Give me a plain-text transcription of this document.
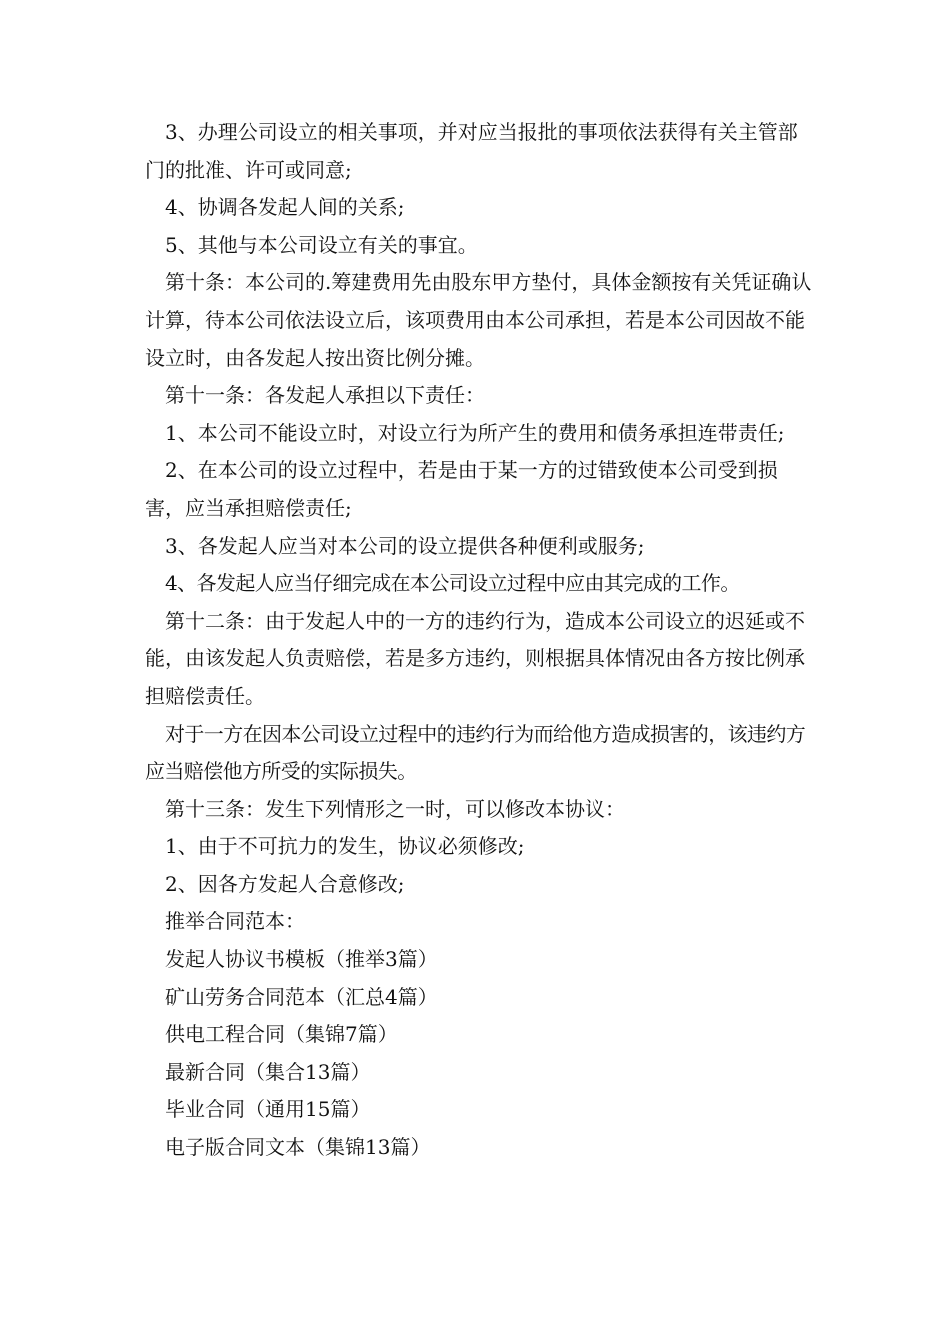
3、办理公司设立的相关事项，并对应当报批的事项依法获得有关主管部门的批准、许可或同意;

4、协调各发起人间的关系;

5、其他与本公司设立有关的事宜。

第十条：本公司的.筹建费用先由股东甲方垫付，具体金额按有关凭证确认计算，待本公司依法设立后，该项费用由本公司承担，若是本公司因故不能设立时，由各发起人按出资比例分摊。

第十一条：各发起人承担以下责任：

1、本公司不能设立时，对设立行为所产生的费用和债务承担连带责任;

2、在本公司的设立过程中，若是由于某一方的过错致使本公司受到损害，应当承担赔偿责任;

3、各发起人应当对本公司的设立提供各种便利或服务;

4、各发起人应当仔细完成在本公司设立过程中应由其完成的工作。

第十二条：由于发起人中的一方的违约行为，造成本公司设立的迟延或不能，由该发起人负责赔偿，若是多方违约，则根据具体情况由各方按比例承担赔偿责任。

对于一方在因本公司设立过程中的违约行为而给他方造成损害的，该违约方应当赔偿他方所受的实际损失。

第十三条：发生下列情形之一时，可以修改本协议：

1、由于不可抗力的发生，协议必须修改;

2、因各方发起人合意修改;

推举合同范本：

发起人协议书模板（推举3篇）

矿山劳务合同范本（汇总4篇）

供电工程合同（集锦7篇）

最新合同（集合13篇）

毕业合同（通用15篇）

电子版合同文本（集锦13篇）
